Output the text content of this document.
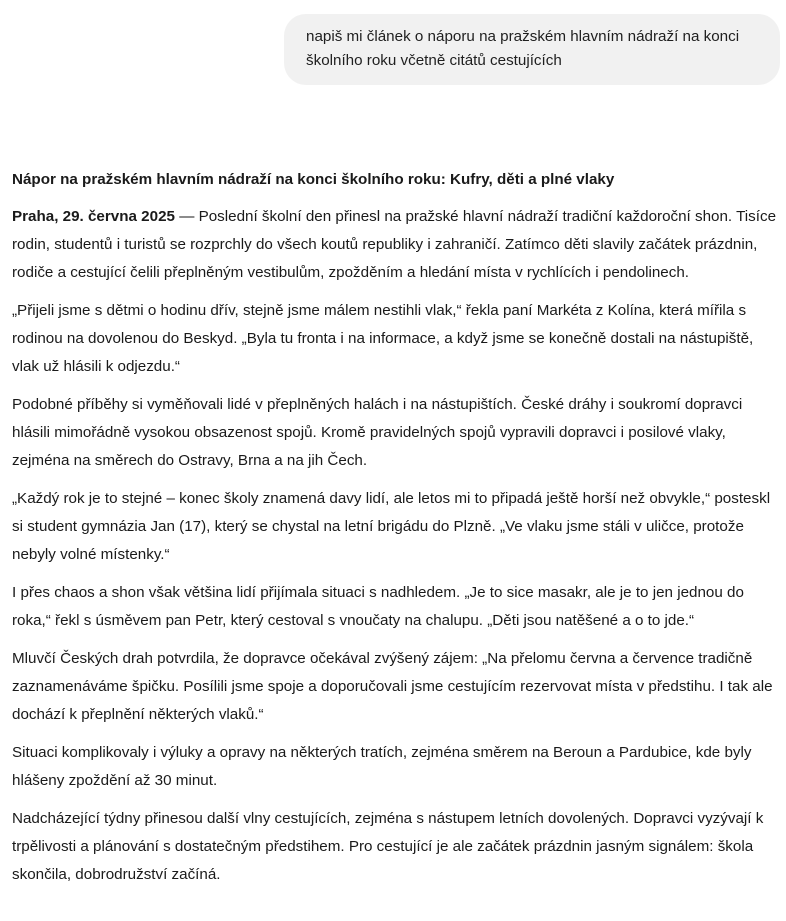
napiš mi článek o náporu na pražském hlavním nádraží na konci školního roku včetně citátů cestujících
Nápor na pražském hlavním nádraží na konci školního roku: Kufry, děti a plné vlaky

Praha, 29. června 2025 — Poslední školní den přinesl na pražské hlavní nádraží tradiční každoroční shon. Tisíce rodin, studentů i turistů se rozprchly do všech koutů republiky i zahraničí. Zatímco děti slavily začátek prázdnin, rodiče a cestující čelili přeplněným vestibulům, zpožděním a hledání místa v rychlících i pendolinech.

„Přijeli jsme s dětmi o hodinu dřív, stejně jsme málem nestihli vlak,“ řekla paní Markéta z Kolína, která mířila s rodinou na dovolenou do Beskyd. „Byla tu fronta i na informace, a když jsme se konečně dostali na nástupiště, vlak už hlásili k odjezdu.“

Podobné příběhy si vyměňovali lidé v přeplněných halách i na nástupištích. České dráhy i soukromí dopravci hlásili mimořádně vysokou obsazenost spojů. Kromě pravidelných spojů vypravili dopravci i posilové vlaky, zejména na směrech do Ostravy, Brna a na jih Čech.

„Každý rok je to stejné – konec školy znamená davy lidí, ale letos mi to připadá ještě horší než obvykle,“ posteskl si student gymnázia Jan (17), který se chystal na letní brigádu do Plzně. „Ve vlaku jsme stáli v uličce, protože nebyly volné místenky.“

I přes chaos a shon však většina lidí přijímala situaci s nadhledem. „Je to sice masakr, ale je to jen jednou do roka,“ řekl s úsměvem pan Petr, který cestoval s vnoučaty na chalupu. „Děti jsou natěšené a o to jde.“

Mluvčí Českých drah potvrdila, že dopravce očekával zvýšený zájem: „Na přelomu června a července tradičně zaznamenáváme špičku. Posílili jsme spoje a doporučovali jsme cestujícím rezervovat místa v předstihu. I tak ale dochází k přeplnění některých vlaků.“

Situaci komplikovaly i výluky a opravy na některých tratích, zejména směrem na Beroun a Pardubice, kde byly hlášeny zpoždění až 30 minut.

Nadcházející týdny přinesou další vlny cestujících, zejména s nástupem letních dovolených. Dopravci vyzývají k trpělivosti a plánování s dostatečným předstihem. Pro cestující je ale začátek prázdnin jasným signálem: škola skončila, dobrodružství začíná.
